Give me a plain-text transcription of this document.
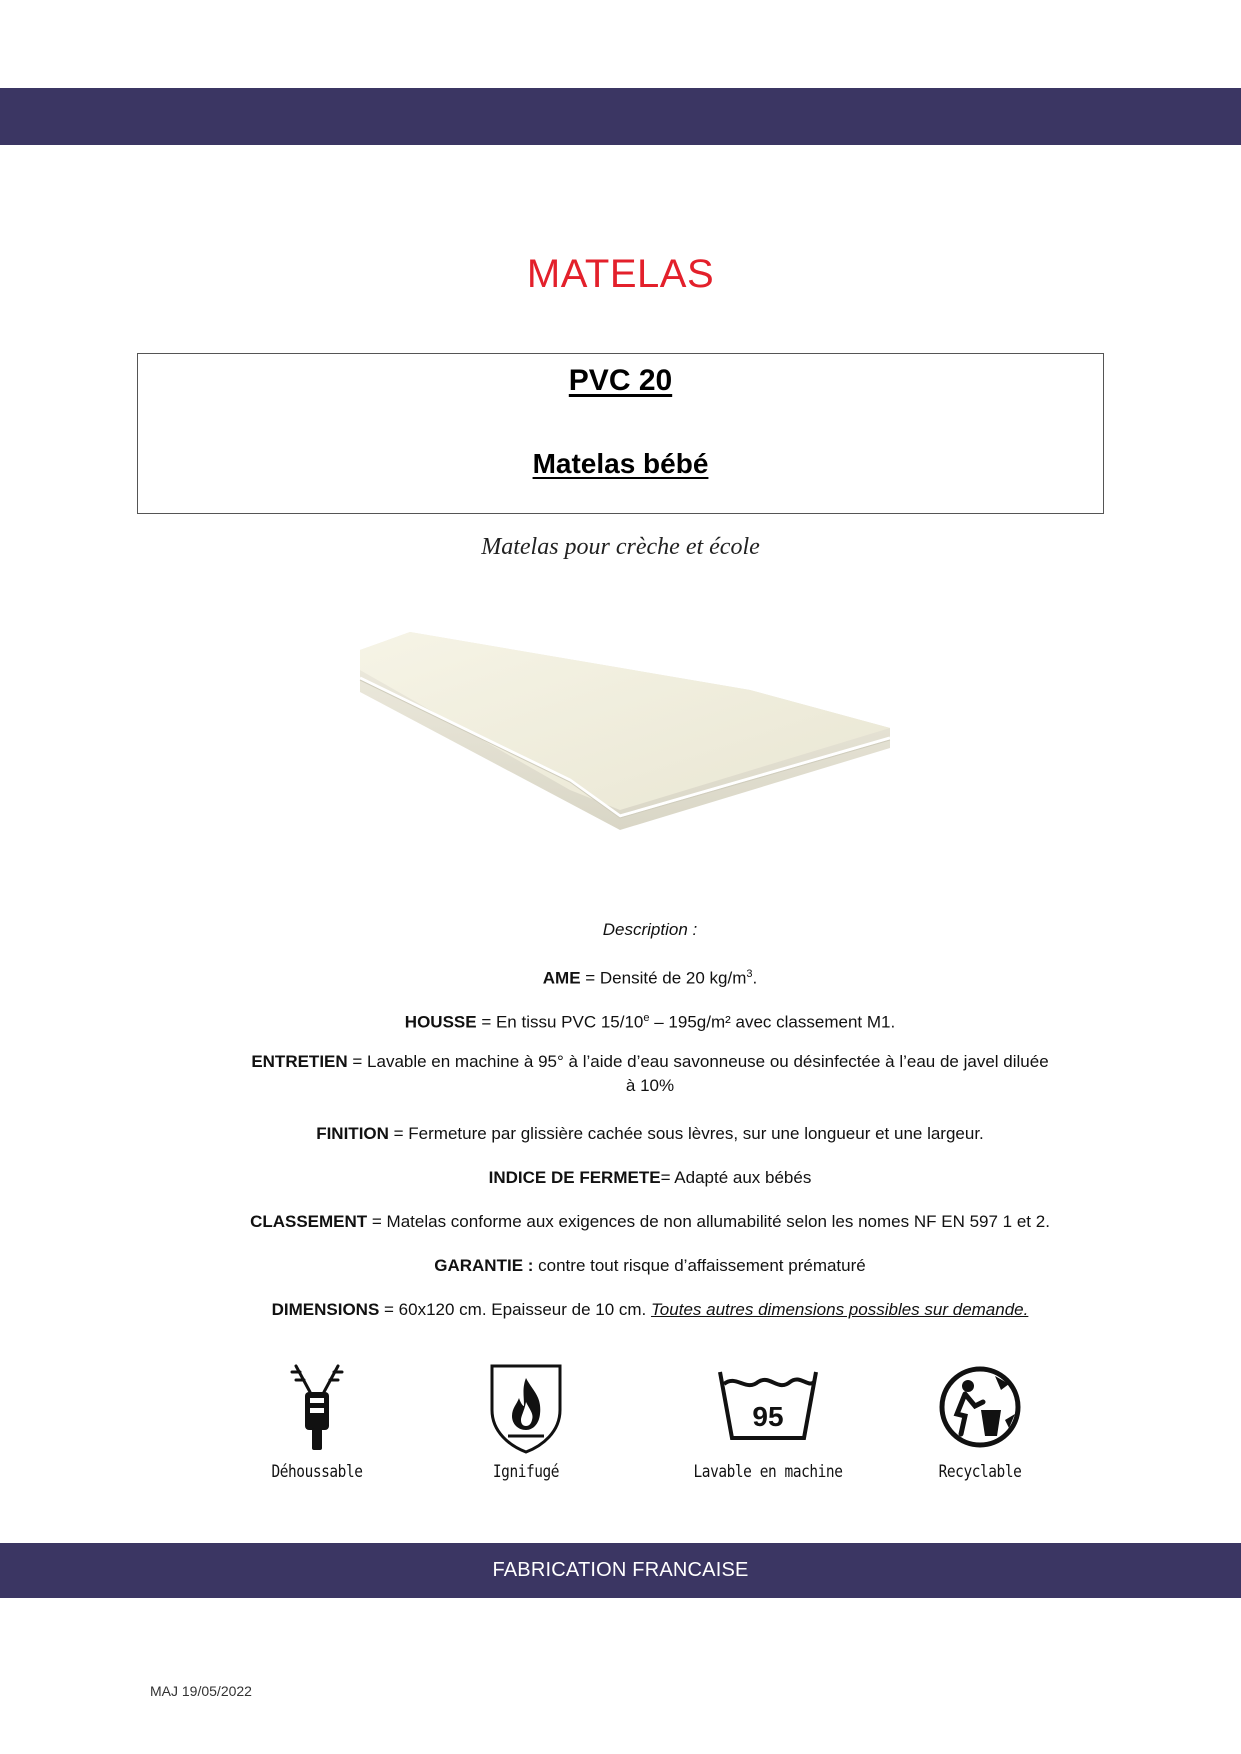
MATELAS
PVC 20
Matelas bébé
Matelas pour crèche et école
Description :
AME = Densité de 20 $kg/m^3$.
HOUSSE = En tissu PVC 15/10e – 195g/m² avec classement M1.
ENTRETIEN = Lavable en machine à 95° à l’aide d’eau savonneuse ou désinfectée à l’eau de javel diluée
à 10%
FINITION = Fermeture par glissière cachée sous lèvres, sur une longueur et une largeur.
INDICE DE FERMETE= Adapté aux bébés
CLASSEMENT = Matelas conforme aux exigences de non allumabilité selon les nomes NF EN 597 1 et 2.
GARANTIE : contre tout risque d’affaissement prématuré
DIMENSIONS = 60x120 cm. Epaisseur de 10 cm. Toutes autres dimensions possibles sur demande.
Déhoussable	Ignifugé
95
Lavable en machine	Recyclable
FABRICATION FRANCAISE
MAJ 19/05/2022
